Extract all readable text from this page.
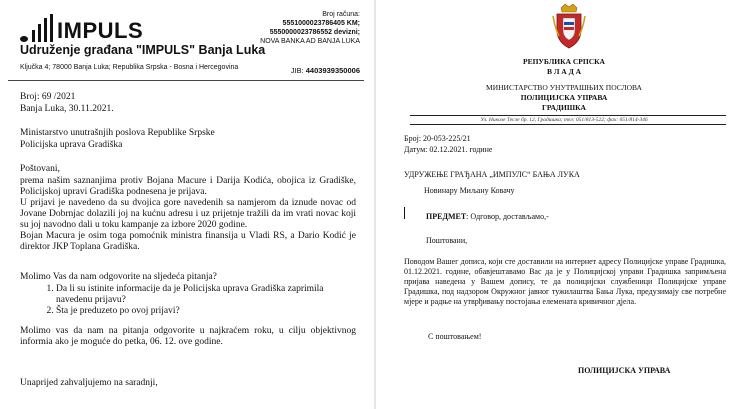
IMPULS
Udruženje građana "IMPULS" Banja Luka
Ključka 4; 78000 Banja Luka; Republika Srpska - Bosna i Hercegovina
Broj računa:
5551000023786405 KM;
5550000023786552 devizni;
NOVA BANKA AD BANJA LUKA
JIB: 4403939350006
Broj: 69 /2021
Banja Luka, 30.11.2021.
Ministarstvo unutrašnjih poslova Republike Srpske
Policijska uprava Gradiška
Poštovani,
prema našim saznanjima protiv Bojana Macure i Darija Kodića, obojica iz Gradiške, Policijskoj upravi Gradiška podnesena je prijava.
U prijavi je navedeno da su dvojica gore navedenih sa namjerom da iznude novac od Jovane Dobrnjac dolazili joj na kućnu adresu i uz prijetnje tražili da im vrati novac koji su joj navodno dali u toku kampanje za izbore 2020 godine.
Bojan Macura je osim toga pomoćnik ministra finansija u Vladi RS, a Dario Kodić je direktor JKP Toplana Gradiška.
Molimo Vas da nam odgovorite na sljedeća pitanja?
1. Da li su istinite informacije da je Policijska uprava Gradiška zaprimila navedenu prijavu?
2. Šta je preduzeto po ovoj prijavi?
Molimo vas da nam na pitanja odgovorite u najkraćem roku, u cilju objektivnog informia ako je moguće do petka, 06. 12. ove godine.
Unaprijed zahvaljujemo na saradnji,
РЕПУБЛИКА СРПСКА
В Л А Д А
МИНИСТАРСТВО УНУТРАШЊИХ ПОСЛОВА
ПОЛИЦИЈСКА УПРАВА
ГРАДИШКА
Ул. Николе Тесле бр. 12, Градишка; тел: 051/813-522; фах: 051/814-346
Број: 20-053-225/21
Датум: 02.12.2021. године
УДРУЖЕЊЕ ГРАЂАНА „ИМПУЛС“ БАЊА ЛУКА
Новинару Миљану Ковачу
ПРЕДМЕТ: Одговор, достављамо,-
Поштовани,
Поводом Вашег дописа, који сте доставили на интернет адресу Полицијске управе Градишка, 01.12.2021. године, обавјештавамо Вас да је у Полицијској управи Градишка запримљена пријава наведена у Вашем допису, те да полицијски службеници Полицијске управе Градишка, под надзором Окружног јавног тужилаштва Бања Лука, предузимају све потребне мјере и радње на утврђивању постојања елемената кривичног дјела.
С поштовањем!
ПОЛИЦИЈСКА УПРАВА
